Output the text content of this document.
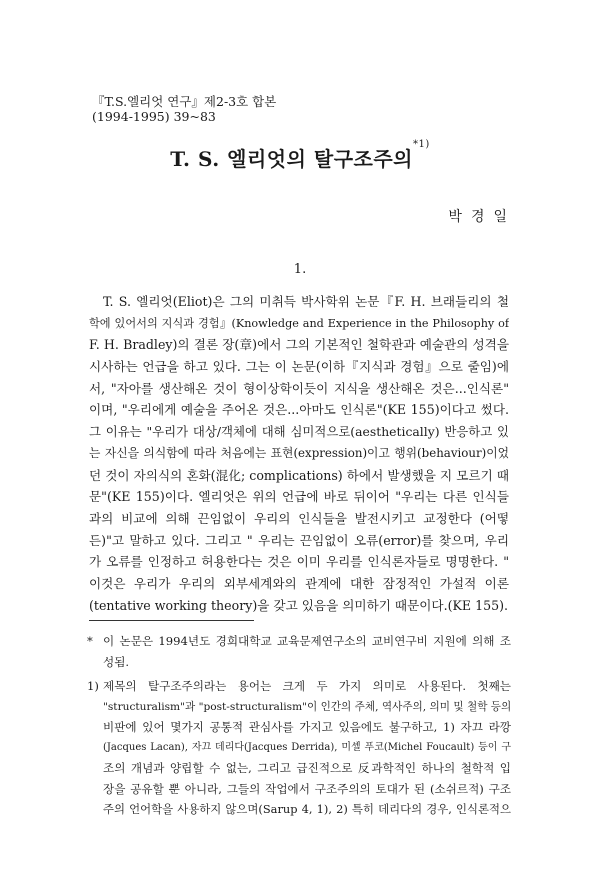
『T.S.엘리엇 연구』제2-3호 합본
(1994-1995) 39~83
T. S. 엘리엇의 탈구조주의$^{*1)}$
박경일
1.
T. S. 엘리엇(Eliot)은 그의 미취득 박사학위 논문『F. H. 브래들리의 철
학에 있어서의 지식과 경험』(Knowledge and Experience in the Philosophy of
F. H. Bradley)의 결론 장(章)에서 그의 기본적인 철학관과 예술관의 성격을
시사하는 언급을 하고 있다. 그는 이 논문(이하『지식과 경험』으로 줄임)에
서, "자아를 생산해온 것이 형이상학이듯이 지식을 생산해온 것은...인식론"
이며, "우리에게 예술을 주어온 것은...아마도 인식론"(KE 155)이다고 썼다.
그 이유는 "우리가 대상/객체에 대해 심미적으로(aesthetically) 반응하고 있
는 자신을 의식함에 따라 처음에는 표현(expression)이고 행위(behaviour)이었
던 것이 자의식의 혼화(混化; complications) 하에서 발생했을 지 모르기 때
문"(KE 155)이다. 엘리엇은 위의 언급에 바로 뒤이어 "우리는 다른 인식들
과의 비교에 의해 끈임없이 우리의 인식들을 발전시키고 교정한다 (어떻
든)"고 말하고 있다. 그리고 " 우리는 끈임없이 오류(error)를 찾으며, 우리
가 오류를 인정하고 허용한다는 것은 이미 우리를 인식론자들로 명명한다. "
이것은 우리가 우리의 외부세계와의 관계에 대한 잠정적인 가설적 이론
(tentative working theory)을 갖고 있음을 의미하기 때문이다.(KE 155).
* 이 논문은 1994년도 경희대학교 교육문제연구소의 교비연구비 지원에 의해 조
성됨.
1) 제목의 탈구조주의라는 용어는 크게 두 가지 의미로 사용된다. 첫째는
"structuralism"과 "post-structuralism"이 인간의 주체, 역사주의, 의미 및 철학 등의
비판에 있어 몇가지 공통적 관심사를 가지고 있음에도 불구하고, 1) 자끄 라깡
(Jacques Lacan), 자끄 데리다(Jacques Derrida), 미셸 푸코(Michel Foucault) 등이 구
조의 개념과 양립할 수 없는, 그리고 급진적으로 反과학적인 하나의 철학적 입
장을 공유할 뿐 아니라, 그들의 작업에서 구조주의의 토대가 된 (소쉬르적) 구조
주의 언어학을 사용하지 않으며(Sarup 4, 1), 2) 특히 데리다의 경우, 인식론적으
